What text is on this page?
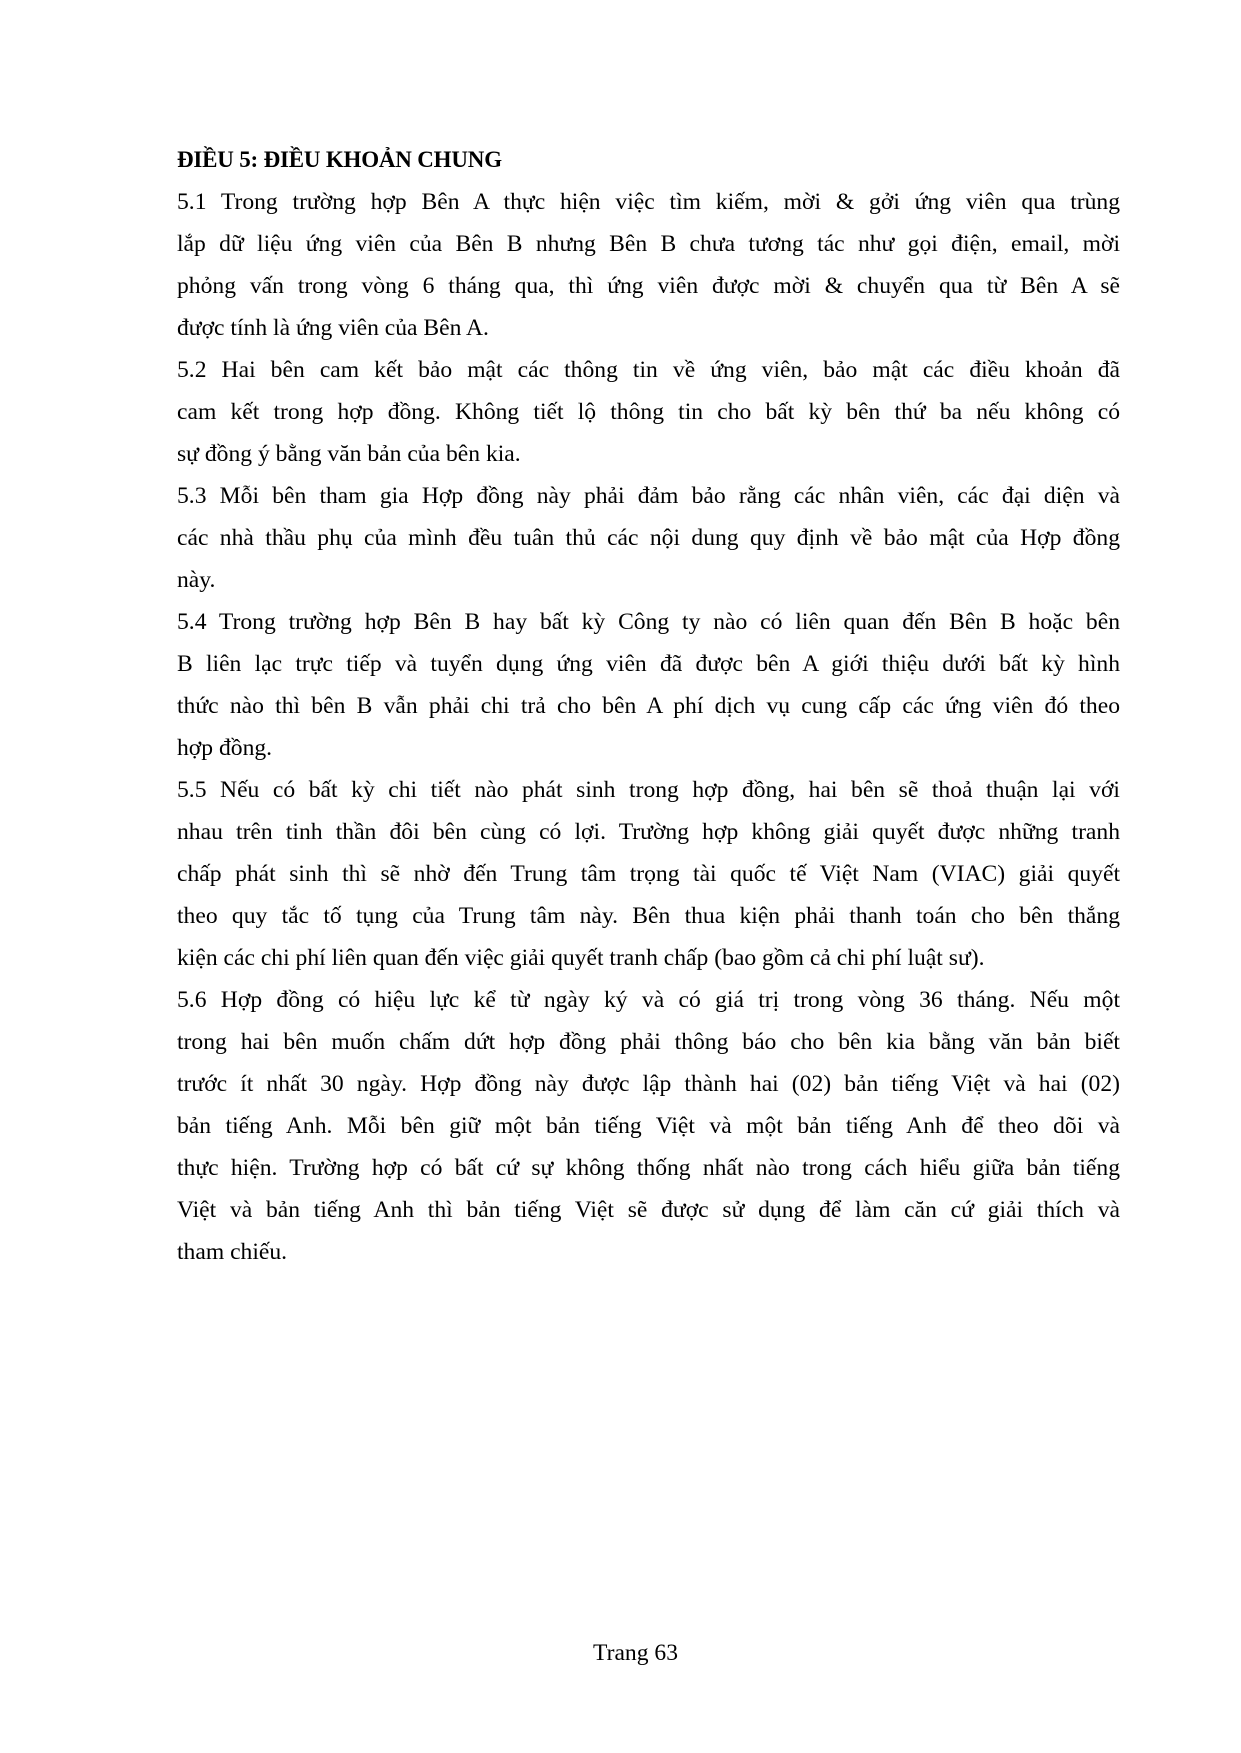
ĐIỀU 5: ĐIỀU KHOẢN CHUNG
5.1 Trong trường hợp Bên A thực hiện việc tìm kiếm, mời & gởi ứng viên qua trùng
lắp dữ liệu ứng viên của Bên B nhưng Bên B chưa tương tác như gọi điện, email, mời
phỏng vấn trong vòng 6 tháng qua, thì ứng viên được mời & chuyển qua từ Bên A sẽ
được tính là ứng viên của Bên A.
5.2 Hai bên cam kết bảo mật các thông tin về ứng viên, bảo mật các điều khoản đã
cam kết trong hợp đồng. Không tiết lộ thông tin cho bất kỳ bên thứ ba nếu không có
sự đồng ý bằng văn bản của bên kia.
5.3 Mỗi bên tham gia Hợp đồng này phải đảm bảo rằng các nhân viên, các đại diện và
các nhà thầu phụ của mình đều tuân thủ các nội dung quy định về bảo mật của Hợp đồng
này.
5.4 Trong trường hợp Bên B hay bất kỳ Công ty nào có liên quan đến Bên B hoặc bên
B liên lạc trực tiếp và tuyển dụng ứng viên đã được bên A giới thiệu dưới bất kỳ hình
thức nào thì bên B vẫn phải chi trả cho bên A phí dịch vụ cung cấp các ứng viên đó theo
hợp đồng.
5.5 Nếu có bất kỳ chi tiết nào phát sinh trong hợp đồng, hai bên sẽ thoả thuận lại với
nhau trên tinh thần đôi bên cùng có lợi. Trường hợp không giải quyết được những tranh
chấp phát sinh thì sẽ nhờ đến Trung tâm trọng tài quốc tế Việt Nam (VIAC) giải quyết
theo quy tắc tố tụng của Trung tâm này. Bên thua kiện phải thanh toán cho bên thắng
kiện các chi phí liên quan đến việc giải quyết tranh chấp (bao gồm cả chi phí luật sư).
5.6 Hợp đồng có hiệu lực kể từ ngày ký và có giá trị trong vòng 36 tháng. Nếu một
trong hai bên muốn chấm dứt hợp đồng phải thông báo cho bên kia bằng văn bản biết
trước ít nhất 30 ngày. Hợp đồng này được lập thành hai (02) bản tiếng Việt và hai (02)
bản tiếng Anh. Mỗi bên giữ một bản tiếng Việt và một bản tiếng Anh để theo dõi và
thực hiện. Trường hợp có bất cứ sự không thống nhất nào trong cách hiểu giữa bản tiếng
Việt và bản tiếng Anh thì bản tiếng Việt sẽ được sử dụng để làm căn cứ giải thích và
tham chiếu.
Trang 63
